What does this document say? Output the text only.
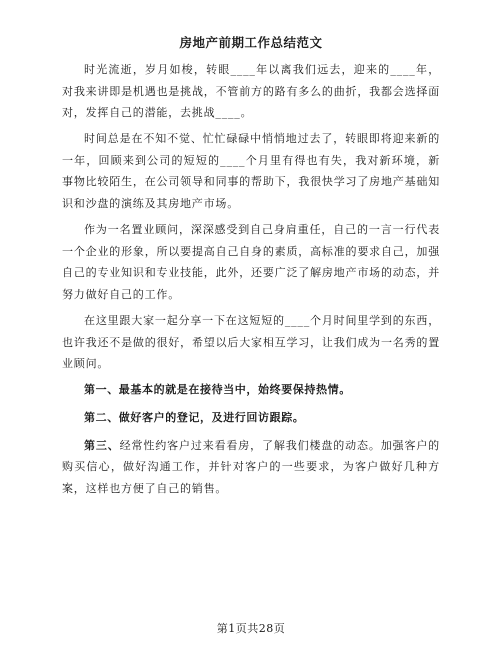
房地产前期工作总结范文

时光流逝，岁月如梭，转眼____年以离我们远去，迎来的____年，对我来讲即是机遇也是挑战，不管前方的路有多么的曲折，我都会选择面对，发挥自己的潜能，去挑战____。

时间总是在不知不觉、忙忙碌碌中悄悄地过去了，转眼即将迎来新的一年，回顾来到公司的短短的____个月里有得也有失，我对新环境，新事物比较陌生，在公司领导和同事的帮助下，我很快学习了房地产基础知识和沙盘的演练及其房地产市场。

作为一名置业顾问，深深感受到自己身肩重任，自己的一言一行代表一个企业的形象，所以要提高自己自身的素质，高标准的要求自己，加强自己的专业知识和专业技能，此外，还要广泛了解房地产市场的动态，并努力做好自己的工作。

在这里跟大家一起分享一下在这短短的____个月时间里学到的东西，也许我还不是做的很好，希望以后大家相互学习，让我们成为一名秀的置业顾问。

第一、最基本的就是在接待当中，始终要保持热情。

第二、做好客户的登记，及进行回访跟踪。

第三、经常性约客户过来看看房，了解我们楼盘的动态。加强客户的购买信心，做好沟通工作，并针对客户的一些要求，为客户做好几种方案，这样也方便了自己的销售。

第1页共28页
